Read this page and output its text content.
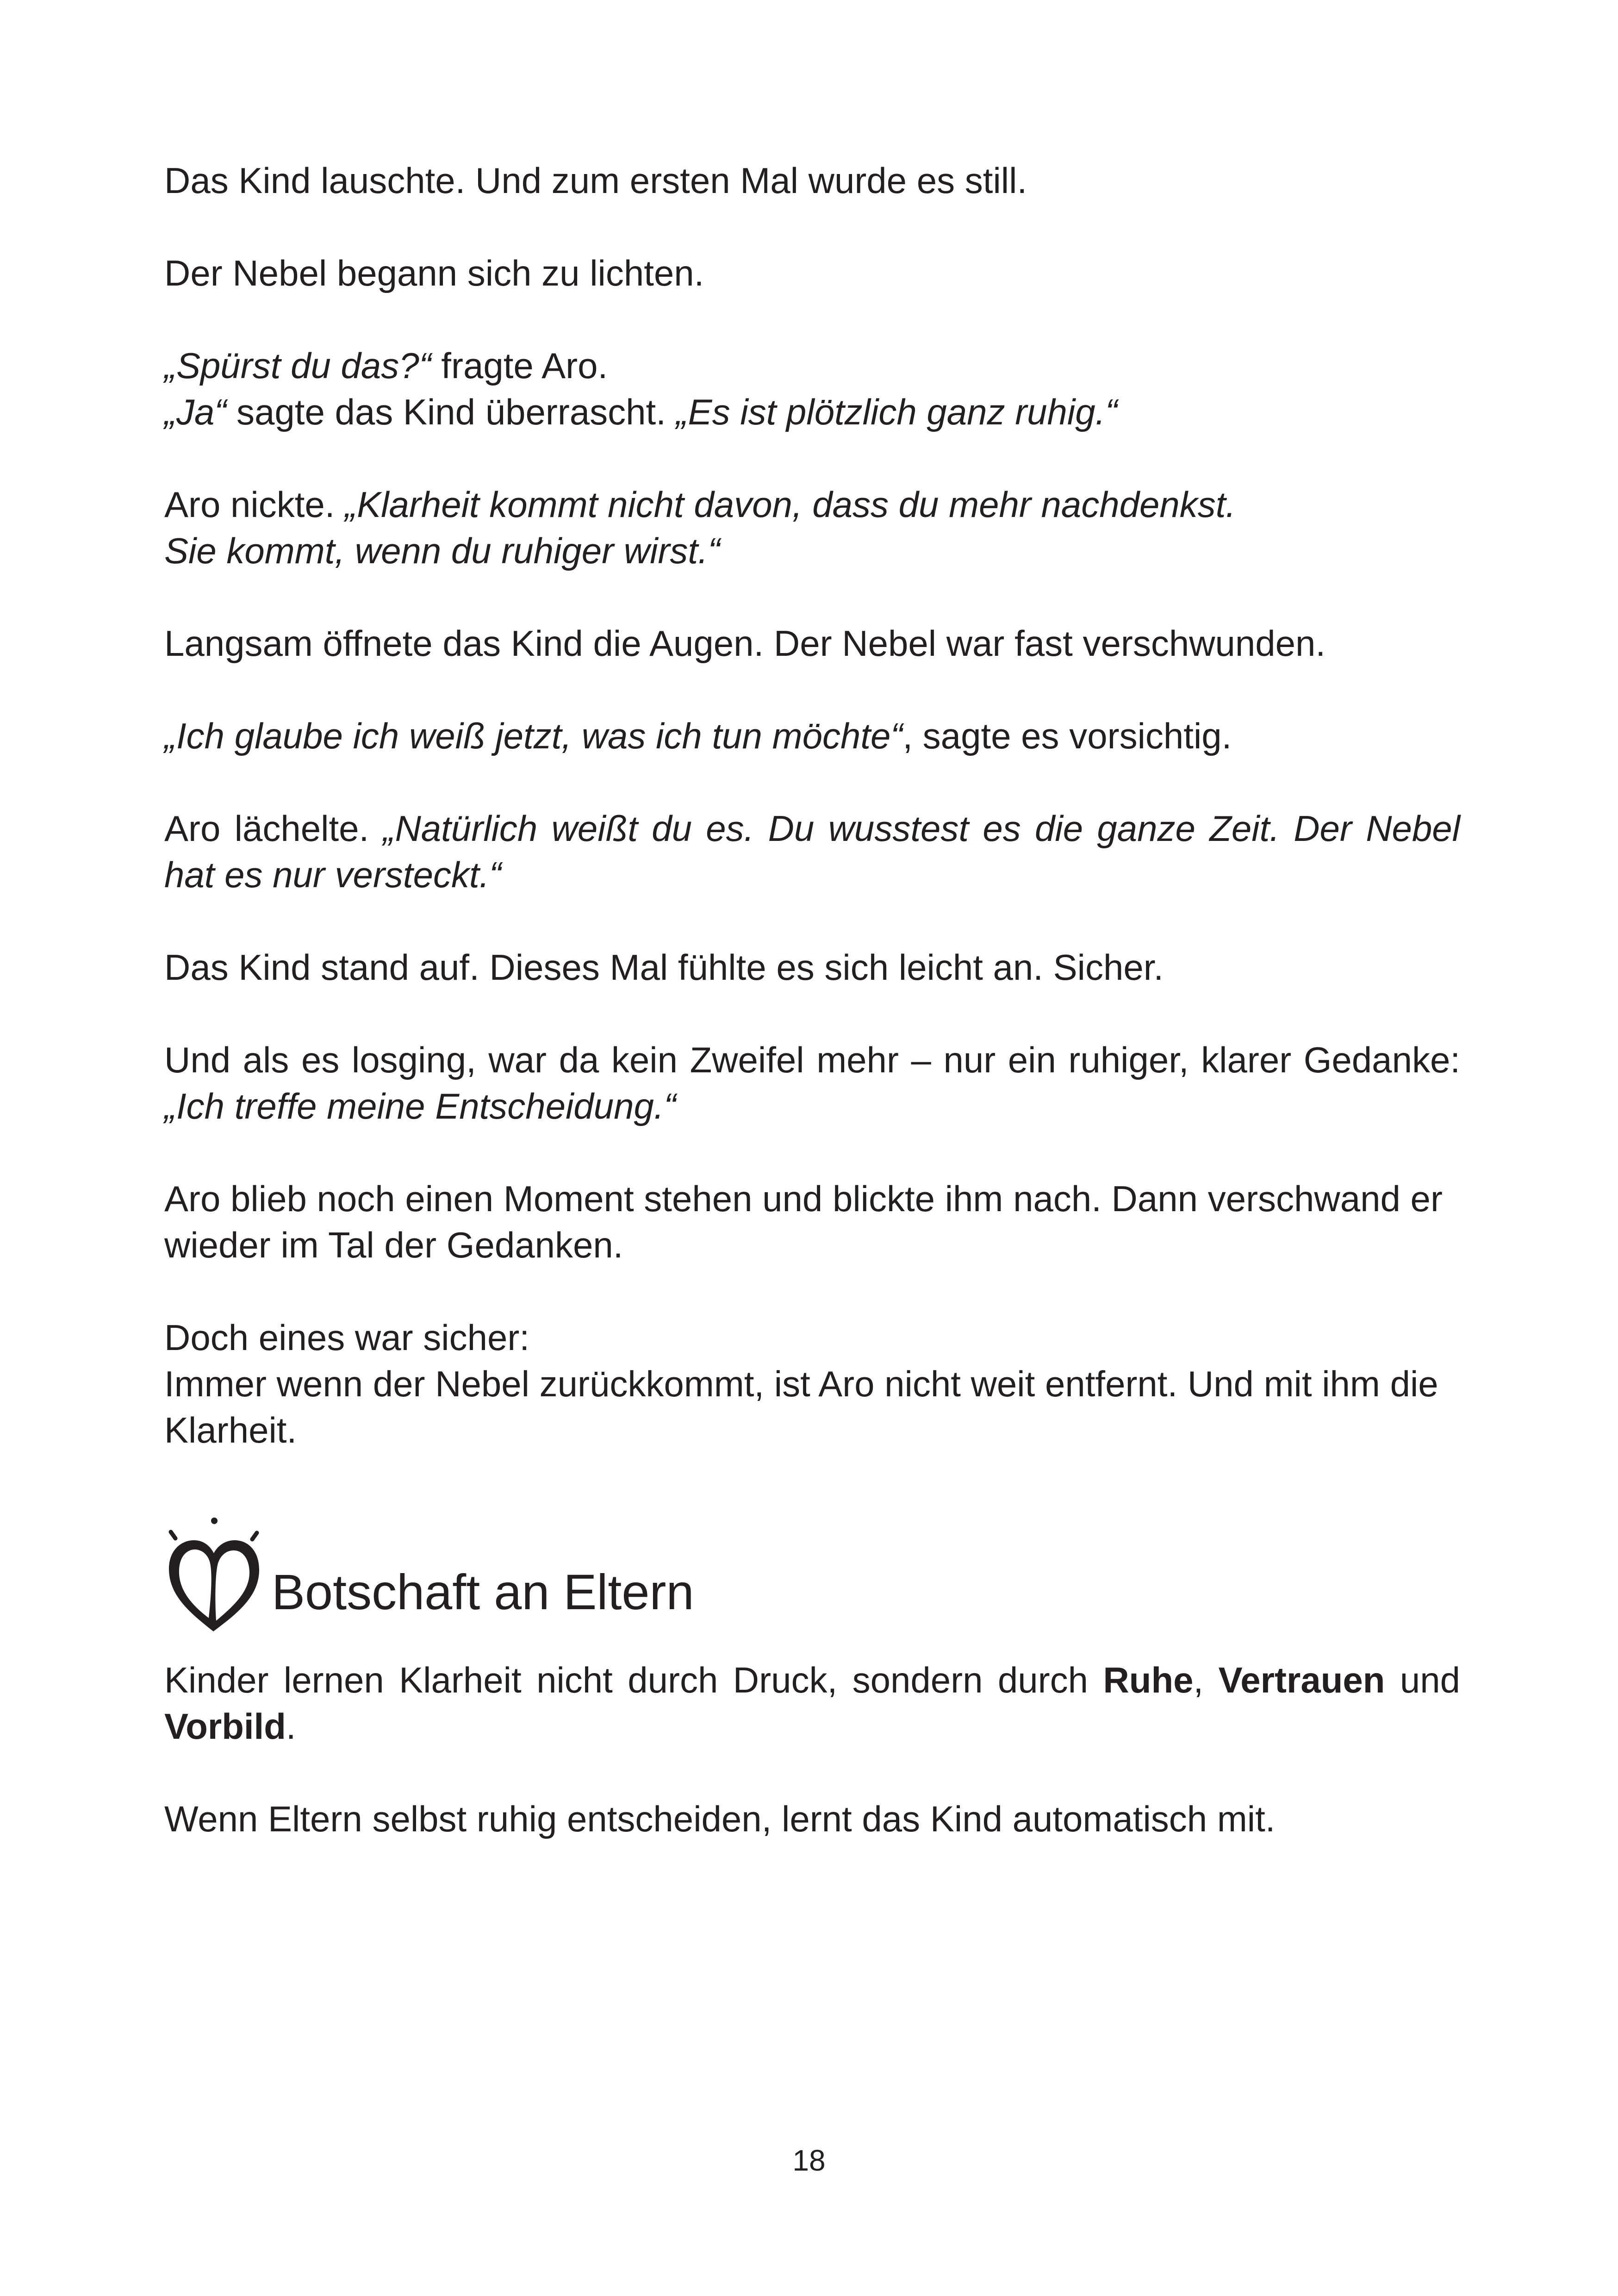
Das Kind lauschte. Und zum ersten Mal wurde es still.

Der Nebel begann sich zu lichten.

„Spürst du das?“ fragte Aro.
„Ja“ sagte das Kind überrascht. „Es ist plötzlich ganz ruhig.“

Aro nickte. „Klarheit kommt nicht davon, dass du mehr nachdenkst.
Sie kommt, wenn du ruhiger wirst.“

Langsam öffnete das Kind die Augen. Der Nebel war fast verschwunden.

„Ich glaube ich weiß jetzt, was ich tun möchte“, sagte es vorsichtig.

Aro lächelte. „Natürlich weißt du es. Du wusstest es die ganze Zeit. Der Nebel hat es nur versteckt.“

Das Kind stand auf. Dieses Mal fühlte es sich leicht an. Sicher.

Und als es losging, war da kein Zweifel mehr – nur ein ruhiger, klarer Gedanke: „Ich treffe meine Entscheidung.“

Aro blieb noch einen Moment stehen und blickte ihm nach. Dann verschwand er wieder im Tal der Gedanken.

Doch eines war sicher:
Immer wenn der Nebel zurückkommt, ist Aro nicht weit entfernt. Und mit ihm die Klarheit.

Botschaft an Eltern

Kinder lernen Klarheit nicht durch Druck, sondern durch Ruhe, Vertrauen und Vorbild.

Wenn Eltern selbst ruhig entscheiden, lernt das Kind automatisch mit.

18
